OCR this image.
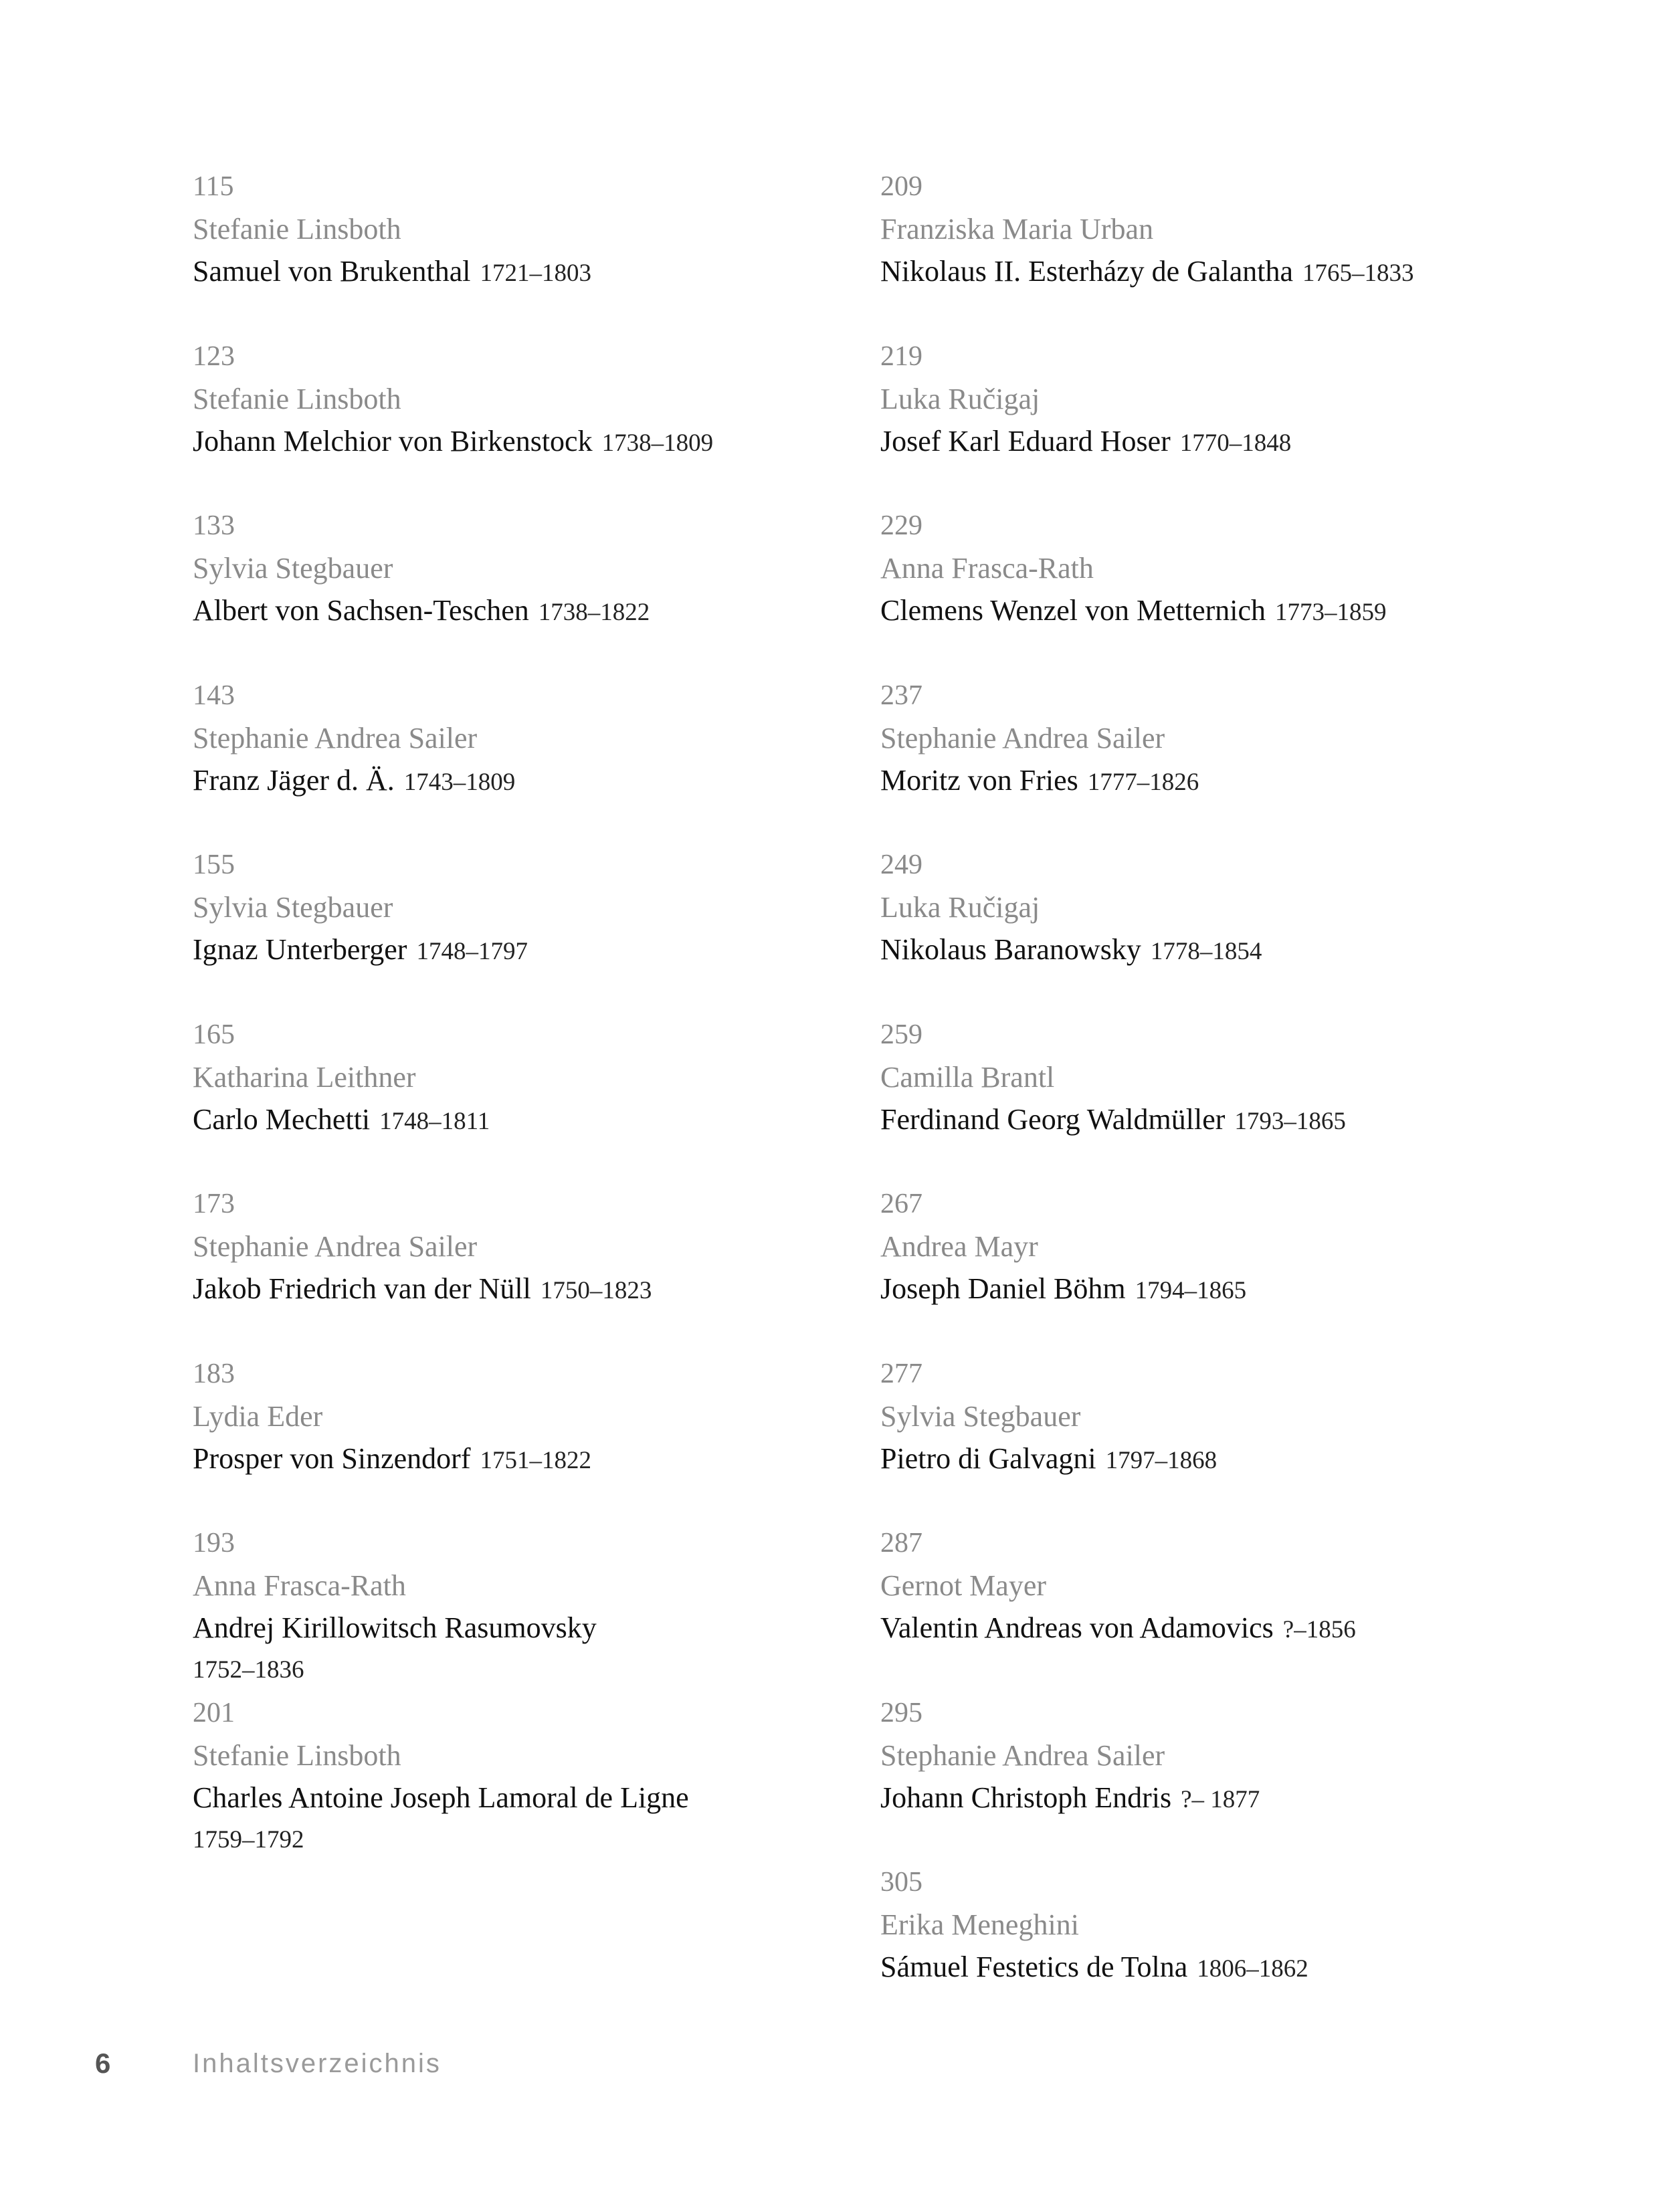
115
Stefanie Linsboth
Samuel von Brukenthal 1721–1803
123
Stefanie Linsboth
Johann Melchior von Birkenstock 1738–1809
133
Sylvia Stegbauer
Albert von Sachsen-Teschen 1738–1822
143
Stephanie Andrea Sailer
Franz Jäger d. Ä. 1743–1809
155
Sylvia Stegbauer
Ignaz Unterberger 1748–1797
165
Katharina Leithner
Carlo Mechetti 1748–1811
173
Stephanie Andrea Sailer
Jakob Friedrich van der Nüll 1750–1823
183
Lydia Eder
Prosper von Sinzendorf 1751–1822
193
Anna Frasca-Rath
Andrej Kirillowitsch Rasumovsky
1752–1836
201
Stefanie Linsboth
Charles Antoine Joseph Lamoral de Ligne
1759–1792
209
Franziska Maria Urban
Nikolaus II. Esterházy de Galantha 1765–1833
219
Luka Ručigaj
Josef Karl Eduard Hoser 1770–1848
229
Anna Frasca-Rath
Clemens Wenzel von Metternich 1773–1859
237
Stephanie Andrea Sailer
Moritz von Fries 1777–1826
249
Luka Ručigaj
Nikolaus Baranowsky 1778–1854
259
Camilla Brantl
Ferdinand Georg Waldmüller 1793–1865
267
Andrea Mayr
Joseph Daniel Böhm 1794–1865
277
Sylvia Stegbauer
Pietro di Galvagni 1797–1868
287
Gernot Mayer
Valentin Andreas von Adamovics ?–1856
295
Stephanie Andrea Sailer
Johann Christoph Endris ?– 1877
305
Erika Meneghini
Sámuel Festetics de Tolna 1806–1862
6	Inhaltsverzeichnis
